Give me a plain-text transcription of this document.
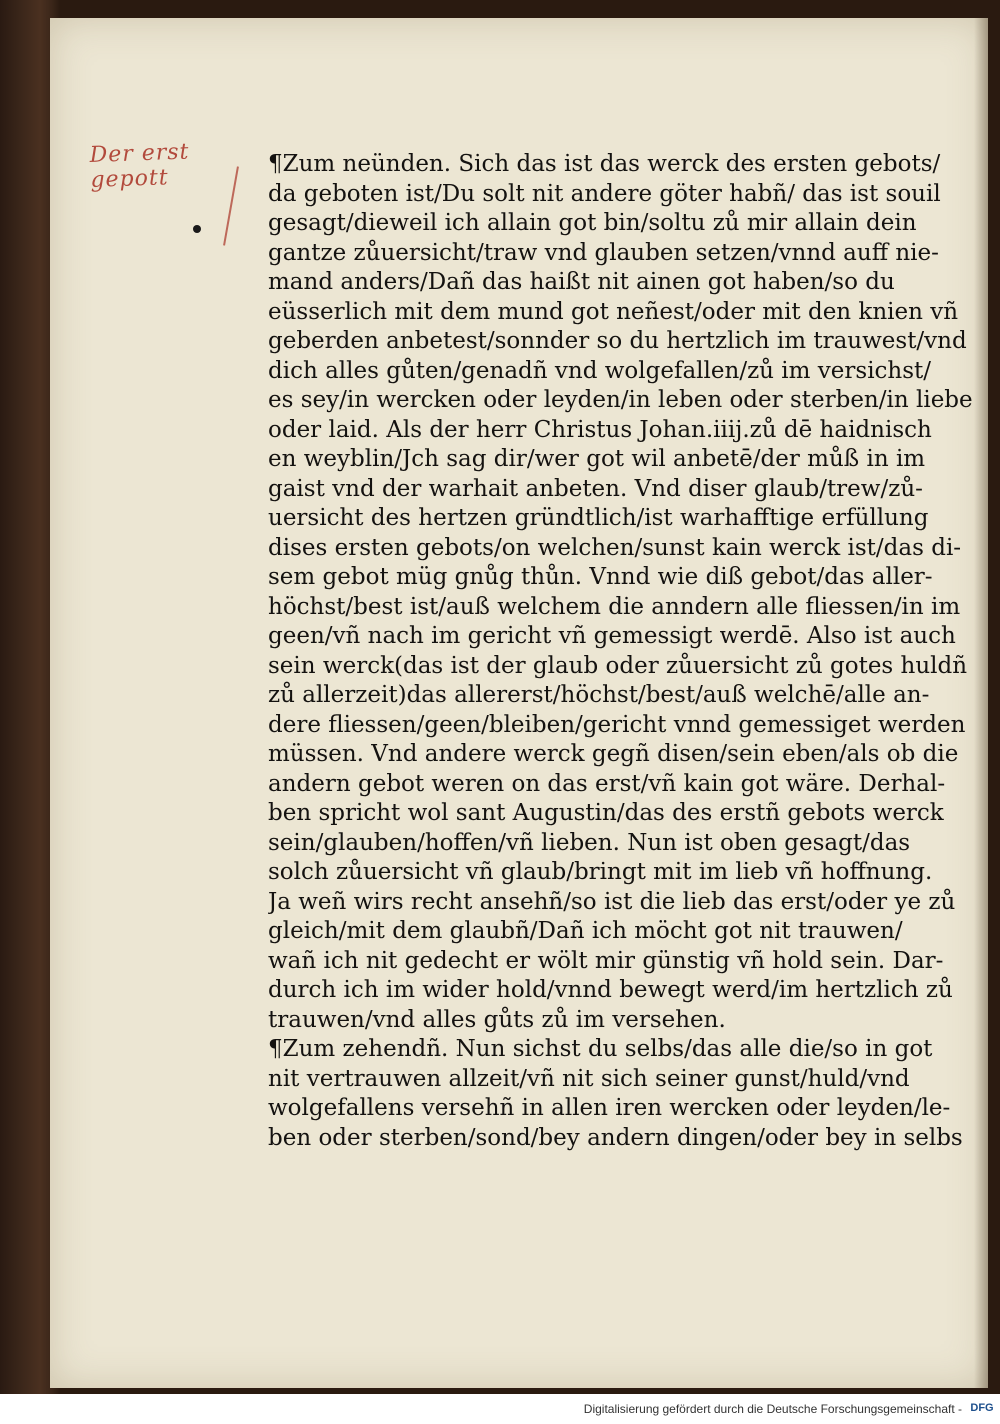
Der erst gepott
¶Zum neünden. Sich das ist das werck des ersten gebots/
da geboten ist/Du solt nit andere göter habñ/ das ist souil
gesagt/dieweil ich allain got bin/soltu zů mir allain dein
gantze zůuersicht/traw vnd glauben setzen/vnnd auff nie-
mand anders/Dañ das haißt nit ainen got haben/so du
eüsserlich mit dem mund got neñest/oder mit den knien vñ
geberden anbetest/sonnder so du hertzlich im trauwest/vnd
dich alles gůten/genadñ vnd wolgefallen/zů im versichst/
es sey/in wercken oder leyden/in leben oder sterben/in liebe
oder laid. Als der herr Christus Johan.iiij.zů dē haidnisch
en weyblin/Jch sag dir/wer got wil anbetē/der můß in im
gaist vnd der warhait anbeten. Vnd diser glaub/trew/zů-
uersicht des hertzen gründtlich/ist warhafftige erfüllung
dises ersten gebots/on welchen/sunst kain werck ist/das di-
sem gebot müg gnůg thůn. Vnnd wie diß gebot/das aller-
höchst/best ist/auß welchem die anndern alle fliessen/in im
geen/vñ nach im gericht vñ gemessigt werdē. Also ist auch
sein werck(das ist der glaub oder zůuersicht zů gotes huldñ
zů allerzeit)das allererst/höchst/best/auß welchē/alle an-
dere fliessen/geen/bleiben/gericht vnnd gemessiget werden
müssen. Vnd andere werck gegñ disen/sein eben/als ob die
andern gebot weren on das erst/vñ kain got wäre. Derhal-
ben spricht wol sant Augustin/das des erstñ gebots werck
sein/glauben/hoffen/vñ lieben. Nun ist oben gesagt/das
solch zůuersicht vñ glaub/bringt mit im lieb vñ hoffnung.
Ja weñ wirs recht ansehñ/so ist die lieb das erst/oder ye zů
gleich/mit dem glaubñ/Dañ ich möcht got nit trauwen/
wañ ich nit gedecht er wölt mir günstig vñ hold sein. Dar-
durch ich im wider hold/vnnd bewegt werd/im hertzlich zů
trauwen/vnd alles gůts zů im versehen.
¶Zum zehendñ. Nun sichst du selbs/das alle die/so in got
nit vertrauwen allzeit/vñ nit sich seiner gunst/huld/vnd
wolgefallens versehñ in allen iren wercken oder leyden/le-
ben oder sterben/sond/bey andern dingen/oder bey in selbs
Digitalisierung gefördert durch die Deutsche Forschungsgemeinschaft - DFG
